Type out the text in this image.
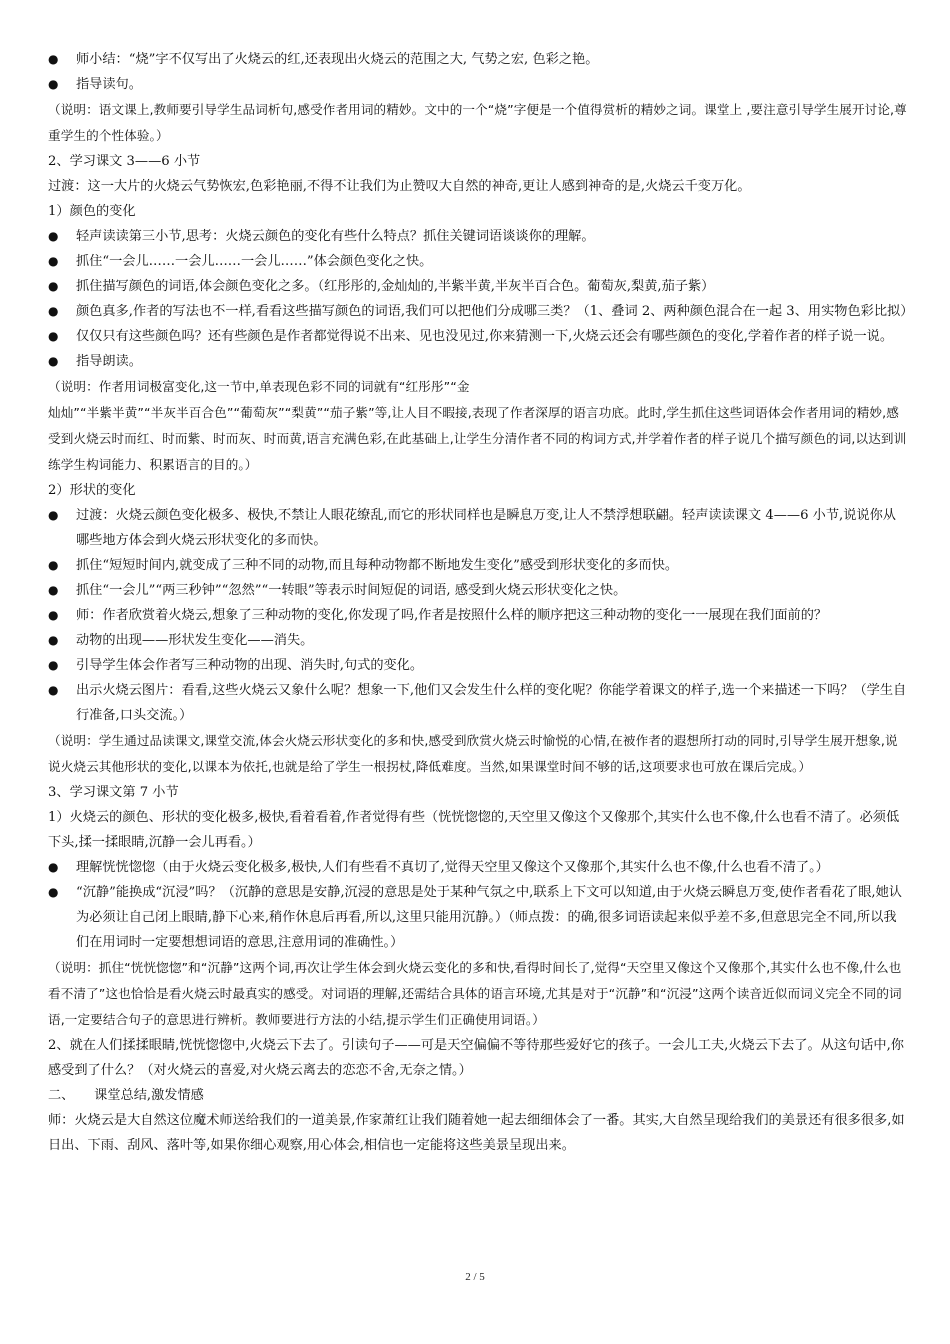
● 师小结：“烧”字不仅写出了火烧云的红,还表现出火烧云的范围之大, 气势之宏, 色彩之艳。

● 指导读句。

（说明：语文课上,教师要引导学生品词析句,感受作者用词的精妙。文中的一个“烧”字便是一个值得赏析的精妙之词。课堂上 ,要注意引导学生展开讨论,尊重学生的个性体验。）

2、学习课文 3——6 小节

过渡：这一大片的火烧云气势恢宏,色彩艳丽,不得不让我们为止赞叹大自然的神奇,更让人感到神奇的是,火烧云千变万化。

1）颜色的变化

● 轻声读读第三小节,思考：火烧云颜色的变化有些什么特点？抓住关键词语谈谈你的理解。

● 抓住“一会儿……一会儿……一会儿……”体会颜色变化之快。

● 抓住描写颜色的词语,体会颜色变化之多。（红彤彤的,金灿灿的,半紫半黄,半灰半百合色。葡萄灰,梨黄,茄子紫）

● 颜色真多,作者的写法也不一样,看看这些描写颜色的词语,我们可以把他们分成哪三类？（1、叠词 2、两种颜色混合在一起 3、用实物色彩比拟）

● 仅仅只有这些颜色吗？还有些颜色是作者都觉得说不出来、见也没见过,你来猜测一下,火烧云还会有哪些颜色的变化,学着作者的样子说一说。

● 指导朗读。

（说明：作者用词极富变化,这一节中,单表现色彩不同的词就有“红彤彤”“金

灿灿”“半紫半黄”“半灰半百合色”“葡萄灰”“梨黄”“茄子紫”等,让人目不暇接,表现了作者深厚的语言功底。此时,学生抓住这些词语体会作者用词的精妙,感受到火烧云时而红、时而紫、时而灰、时而黄,语言充满色彩,在此基础上,让学生分清作者不同的构词方式,并学着作者的样子说几个描写颜色的词,以达到训练学生构词能力、积累语言的目的。）

2）形状的变化

● 过渡：火烧云颜色变化极多、极快,不禁让人眼花缭乱,而它的形状同样也是瞬息万变,让人不禁浮想联翩。轻声读读课文 4——6 小节,说说你从哪些地方体会到火烧云形状变化的多而快。

● 抓住“短短时间内,就变成了三种不同的动物,而且每种动物都不断地发生变化”感受到形状变化的多而快。

● 抓住“一会儿”“两三秒钟”“忽然”“一转眼”等表示时间短促的词语, 感受到火烧云形状变化之快。

● 师：作者欣赏着火烧云,想象了三种动物的变化,你发现了吗,作者是按照什么样的顺序把这三种动物的变化一一展现在我们面前的？

● 动物的出现——形状发生变化——消失。

● 引导学生体会作者写三种动物的出现、消失时,句式的变化。

● 出示火烧云图片：看看,这些火烧云又象什么呢？想象一下,他们又会发生什么样的变化呢？你能学着课文的样子,选一个来描述一下吗？（学生自行准备,口头交流。）

（说明：学生通过品读课文,课堂交流,体会火烧云形状变化的多和快,感受到欣赏火烧云时愉悦的心情,在被作者的遐想所打动的同时,引导学生展开想象,说说火烧云其他形状的变化,以课本为依托,也就是给了学生一根拐杖,降低难度。当然,如果课堂时间不够的话,这项要求也可放在课后完成。）

3、学习课文第 7 小节

1）火烧云的颜色、形状的变化极多,极快,看着看着,作者觉得有些（恍恍惚惚的,天空里又像这个又像那个,其实什么也不像,什么也看不清了。必须低下头,揉一揉眼睛,沉静一会儿再看。）

● 理解恍恍惚惚（由于火烧云变化极多,极快,人们有些看不真切了,觉得天空里又像这个又像那个,其实什么也不像,什么也看不清了。）

● “沉静”能换成“沉浸”吗？（沉静的意思是安静,沉浸的意思是处于某种气氛之中,联系上下文可以知道,由于火烧云瞬息万变,使作者看花了眼,她认为必须让自己闭上眼睛,静下心来,稍作休息后再看,所以,这里只能用沉静。）（师点拨：的确,很多词语读起来似乎差不多,但意思完全不同,所以我们在用词时一定要想想词语的意思,注意用词的准确性。）

（说明：抓住“恍恍惚惚”和“沉静”这两个词,再次让学生体会到火烧云变化的多和快,看得时间长了,觉得“天空里又像这个又像那个,其实什么也不像,什么也看不清了”这也恰恰是看火烧云时最真实的感受。对词语的理解,还需结合具体的语言环境,尤其是对于“沉静”和“沉浸”这两个读音近似而词义完全不同的词语,一定要结合句子的意思进行辨析。教师要进行方法的小结,提示学生们正确使用词语。）

2、就在人们揉揉眼睛,恍恍惚惚中,火烧云下去了。引读句子——可是天空偏偏不等待那些爱好它的孩子。一会儿工夫,火烧云下去了。从这句话中,你感受到了什么？（对火烧云的喜爱,对火烧云离去的恋恋不舍,无奈之情。）

二、　　课堂总结,激发情感

师：火烧云是大自然这位魔术师送给我们的一道美景,作家萧红让我们随着她一起去细细体会了一番。其实,大自然呈现给我们的美景还有很多很多,如日出、下雨、刮风、落叶等,如果你细心观察,用心体会,相信也一定能将这些美景呈现出来。

2 / 5
